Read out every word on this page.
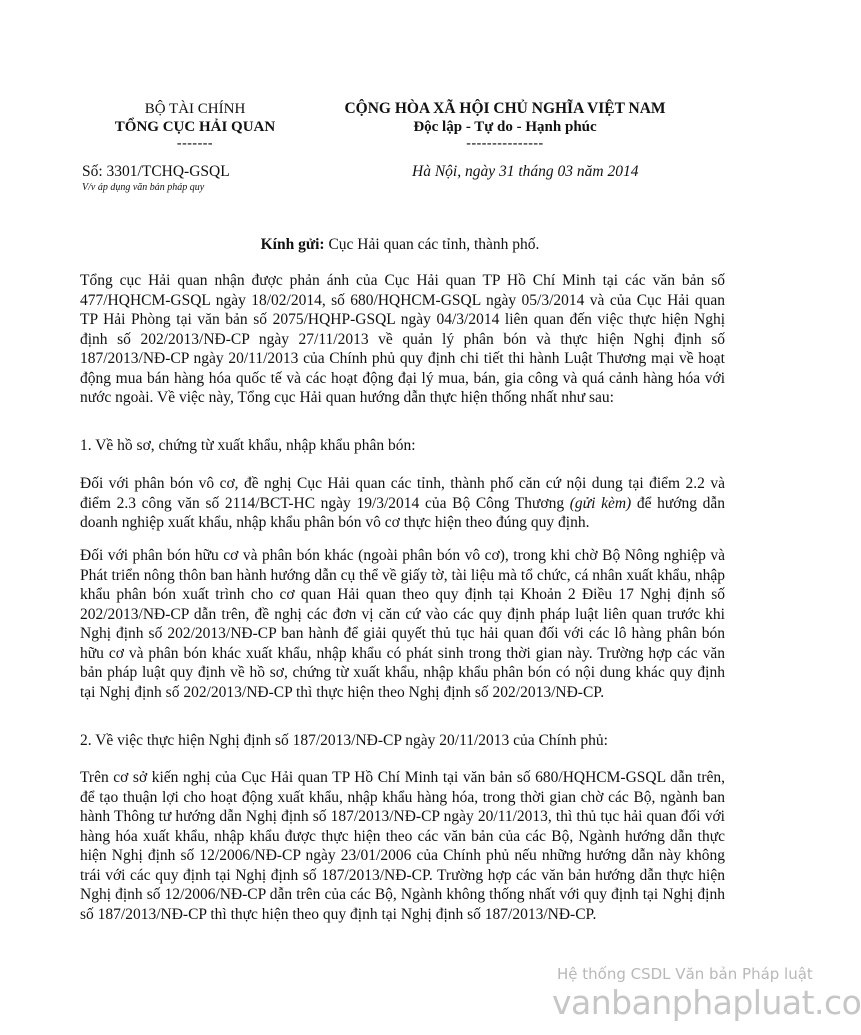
BỘ TÀI CHÍNH
TỔNG CỤC HẢI QUAN
-------
CỘNG HÒA XÃ HỘI CHỦ NGHĨA VIỆT NAM
Độc lập - Tự do - Hạnh phúc
---------------
Số: 3301/TCHQ-GSQL
V/v áp dụng văn bản pháp quy
Hà Nội, ngày 31 tháng 03 năm 2014
Kính gửi: Cục Hải quan các tỉnh, thành phố.

Tổng cục Hải quan nhận được phản ánh của Cục Hải quan TP Hồ Chí Minh tại các văn bản số 477/HQHCM-GSQL ngày 18/02/2014, số 680/HQHCM-GSQL ngày 05/3/2014 và của Cục Hải quan TP Hải Phòng tại văn bản số 2075/HQHP-GSQL ngày 04/3/2014 liên quan đến việc thực hiện Nghị định số 202/2013/NĐ-CP ngày 27/11/2013 về quản lý phân bón và thực hiện Nghị định số 187/2013/NĐ-CP ngày 20/11/2013 của Chính phủ quy định chi tiết thi hành Luật Thương mại về hoạt động mua bán hàng hóa quốc tế và các hoạt động đại lý mua, bán, gia công và quá cảnh hàng hóa với nước ngoài. Về việc này, Tổng cục Hải quan hướng dẫn thực hiện thống nhất như sau:

1. Về hồ sơ, chứng từ xuất khẩu, nhập khẩu phân bón:

Đối với phân bón vô cơ, đề nghị Cục Hải quan các tỉnh, thành phố căn cứ nội dung tại điểm 2.2 và điểm 2.3 công văn số 2114/BCT-HC ngày 19/3/2014 của Bộ Công Thương (gửi kèm) để hướng dẫn doanh nghiệp xuất khẩu, nhập khẩu phân bón vô cơ thực hiện theo đúng quy định.

Đối với phân bón hữu cơ và phân bón khác (ngoài phân bón vô cơ), trong khi chờ Bộ Nông nghiệp và Phát triển nông thôn ban hành hướng dẫn cụ thể về giấy tờ, tài liệu mà tổ chức, cá nhân xuất khẩu, nhập khẩu phân bón xuất trình cho cơ quan Hải quan theo quy định tại Khoản 2 Điều 17 Nghị định số 202/2013/NĐ-CP dẫn trên, đề nghị các đơn vị căn cứ vào các quy định pháp luật liên quan trước khi Nghị định số 202/2013/NĐ-CP ban hành để giải quyết thủ tục hải quan đối với các lô hàng phân bón hữu cơ và phân bón khác xuất khẩu, nhập khẩu có phát sinh trong thời gian này. Trường hợp các văn bản pháp luật quy định về hồ sơ, chứng từ xuất khẩu, nhập khẩu phân bón có nội dung khác quy định tại Nghị định số 202/2013/NĐ-CP thì thực hiện theo Nghị định số 202/2013/NĐ-CP.

2. Về việc thực hiện Nghị định số 187/2013/NĐ-CP ngày 20/11/2013 của Chính phủ:

Trên cơ sở kiến nghị của Cục Hải quan TP Hồ Chí Minh tại văn bản số 680/HQHCM-GSQL dẫn trên, để tạo thuận lợi cho hoạt động xuất khẩu, nhập khẩu hàng hóa, trong thời gian chờ các Bộ, ngành ban hành Thông tư hướng dẫn Nghị định số 187/2013/NĐ-CP ngày 20/11/2013, thì thủ tục hải quan đối với hàng hóa xuất khẩu, nhập khẩu được thực hiện theo các văn bản của các Bộ, Ngành hướng dẫn thực hiện Nghị định số 12/2006/NĐ-CP ngày 23/01/2006 của Chính phủ nếu những hướng dẫn này không trái với các quy định tại Nghị định số 187/2013/NĐ-CP. Trường hợp các văn bản hướng dẫn thực hiện Nghị định số 12/2006/NĐ-CP dẫn trên của các Bộ, Ngành không thống nhất với quy định tại Nghị định số 187/2013/NĐ-CP thì thực hiện theo quy định tại Nghị định số 187/2013/NĐ-CP.

Hệ thống CSDL Văn bản Pháp luật
vanbanphapluat.co
